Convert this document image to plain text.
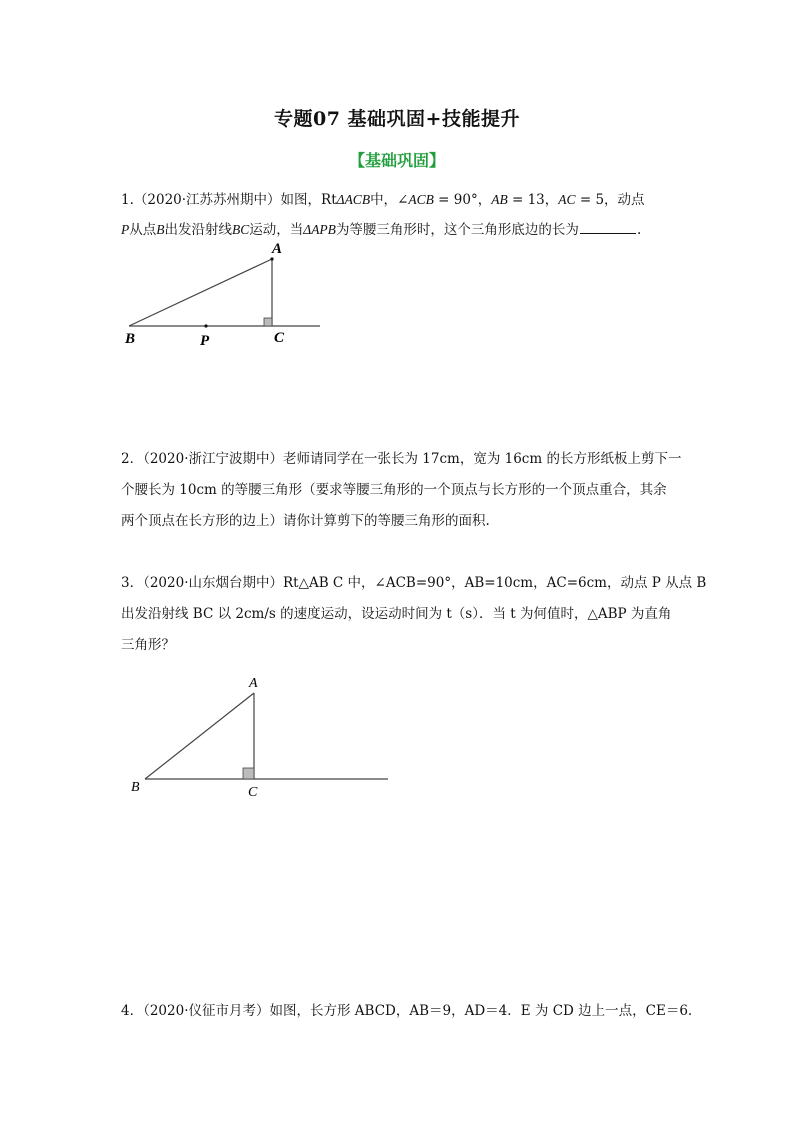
专题07 基础巩固+技能提升
【基础巩固】
1.（2020·江苏苏州期中）如图，RtΔACB中，∠ACB = 90°，AB = 13，AC = 5，动点
P从点B出发沿射线BC运动，当ΔAPB为等腰三角形时，这个三角形底边的长为	.
A
B	C
P
A
B	C
2．（2020·浙江宁波期中）老师请同学在一张长为 17cm，宽为 16cm 的长方形纸板上剪下一
个腰长为 10cm 的等腰三角形（要求等腰三角形的一个顶点与长方形的一个顶点重合，其余
两个顶点在长方形的边上）请你计算剪下的等腰三角形的面积.
3．（2020·山东烟台期中）Rt△AB C 中，∠ACB=90°，AB=10cm，AC=6cm，动点 P 从点 B
出发沿射线 BC 以 2cm/s 的速度运动，设运动时间为 t（s）．当 t 为何值时，△ABP 为直角
三角形？
4．（2020·仪征市月考）如图，长方形 ABCD，AB＝9，AD＝4．E 为 CD 边上一点，CE＝6.
